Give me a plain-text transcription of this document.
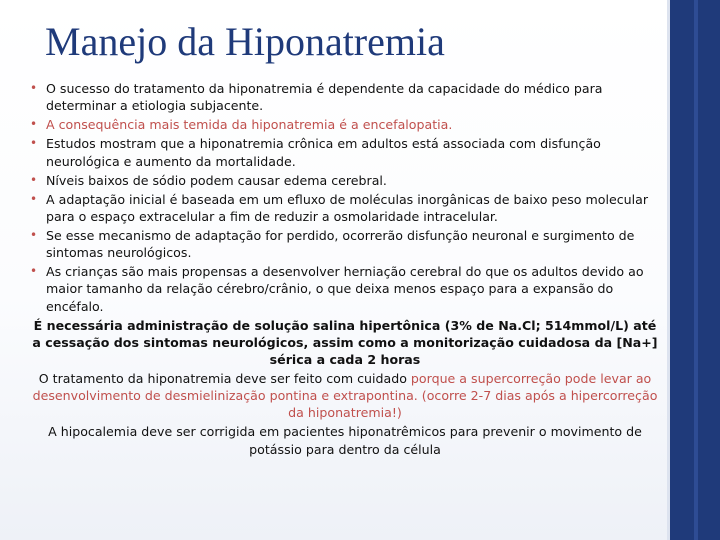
Manejo da Hiponatremia
• O sucesso do tratamento da hiponatremia é dependente da capacidade do médico para determinar a etiologia subjacente.
• A consequência mais temida da hiponatremia é a encefalopatia.
• Estudos mostram que a hiponatremia crônica em adultos está associada com disfunção neurológica e aumento da mortalidade.
• Níveis baixos de sódio podem causar edema cerebral.
• A adaptação inicial é baseada em um efluxo de moléculas inorgânicas de baixo peso molecular para o espaço extracelular a fim de reduzir a osmolaridade intracelular.
• Se esse mecanismo de adaptação for perdido, ocorrerão disfunção neuronal e surgimento de sintomas neurológicos.
• As crianças são mais propensas a desenvolver herniação cerebral do que os adultos devido ao maior tamanho da relação cérebro/crânio, o que deixa menos espaço para a expansão do encéfalo.

É necessária administração de solução salina hipertônica (3% de Na.Cl; 514mmol/L) até a cessação dos sintomas neurológicos, assim como a monitorização cuidadosa da [Na+] sérica a cada 2 horas

O tratamento da hiponatremia deve ser feito com cuidado porque a supercorreção pode levar ao desenvolvimento de desmielinização pontina e extrapontina. (ocorre 2-7 dias após a hipercorreção da hiponatremia!)

A hipocalemia deve ser corrigida em pacientes hiponatrêmicos para prevenir o movimento de potássio para dentro da célula
